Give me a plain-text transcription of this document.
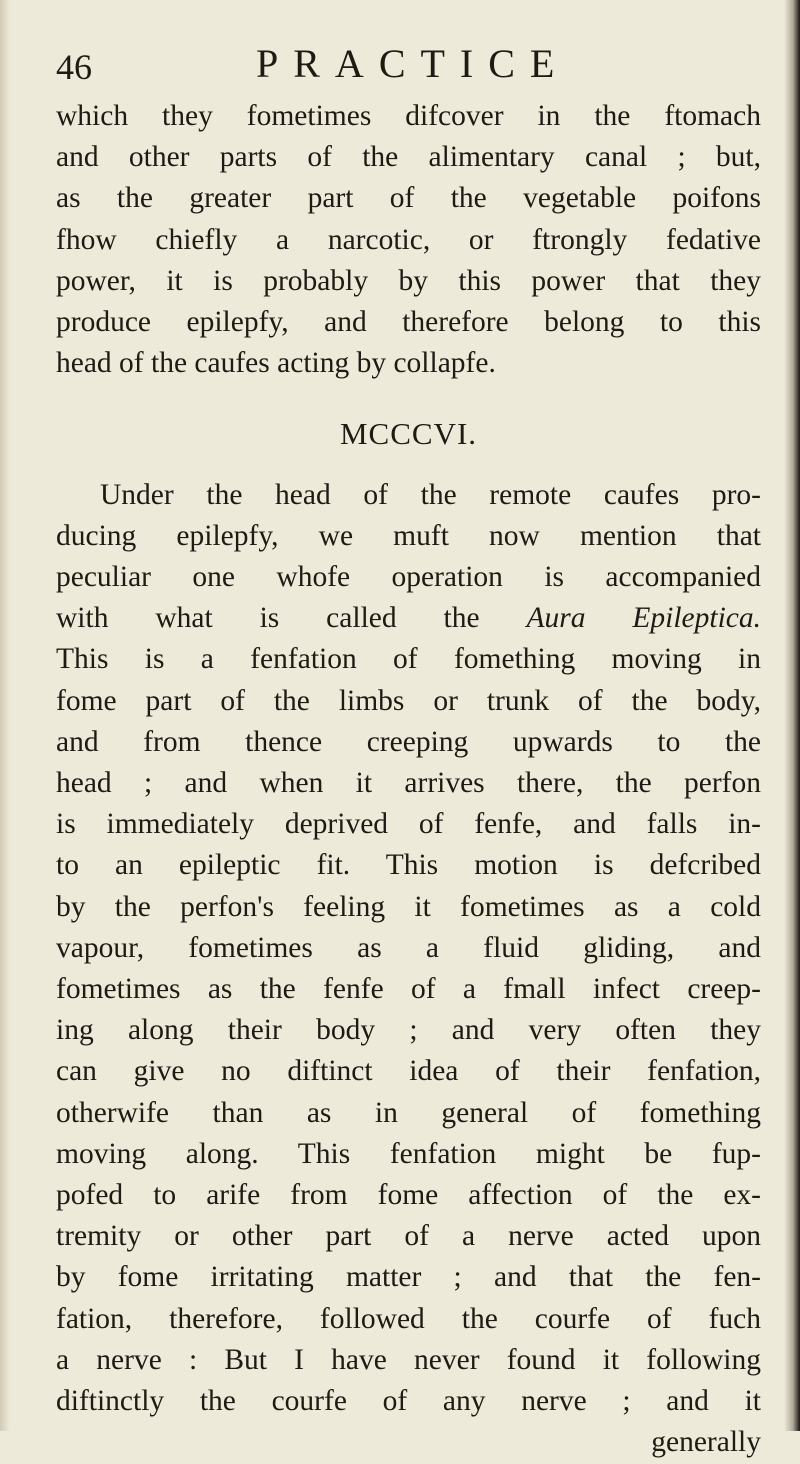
46	PRACTICE
which they fometimes difcover in the ftomach
and other parts of the alimentary canal ; but,
as the greater part of the vegetable poifons
fhow chiefly a narcotic, or ftrongly fedative
power, it is probably by this power that they
produce epilepfy, and therefore belong to this
head of the caufes acting by collapfe.
MCCCVI.
Under the head of the remote caufes pro-
ducing epilepfy, we muft now mention that
peculiar one whofe operation is accompanied
with what is called the Aura Epileptica.
This is a fenfation of fomething moving in
fome part of the limbs or trunk of the body,
and from thence creeping upwards to the
head ; and when it arrives there, the perfon
is immediately deprived of fenfe, and falls in-
to an epileptic fit. This motion is defcribed
by the perfon's feeling it fometimes as a cold
vapour, fometimes as a fluid gliding, and
fometimes as the fenfe of a fmall infect creep-
ing along their body ; and very often they
can give no diftinct idea of their fenfation,
otherwife than as in general of fomething
moving along. This fenfation might be fup-
pofed to arife from fome affection of the ex-
tremity or other part of a nerve acted upon
by fome irritating matter ; and that the fen-
fation, therefore, followed the courfe of fuch
a nerve : But I have never found it following
diftinctly the courfe of any nerve ; and it
generally
